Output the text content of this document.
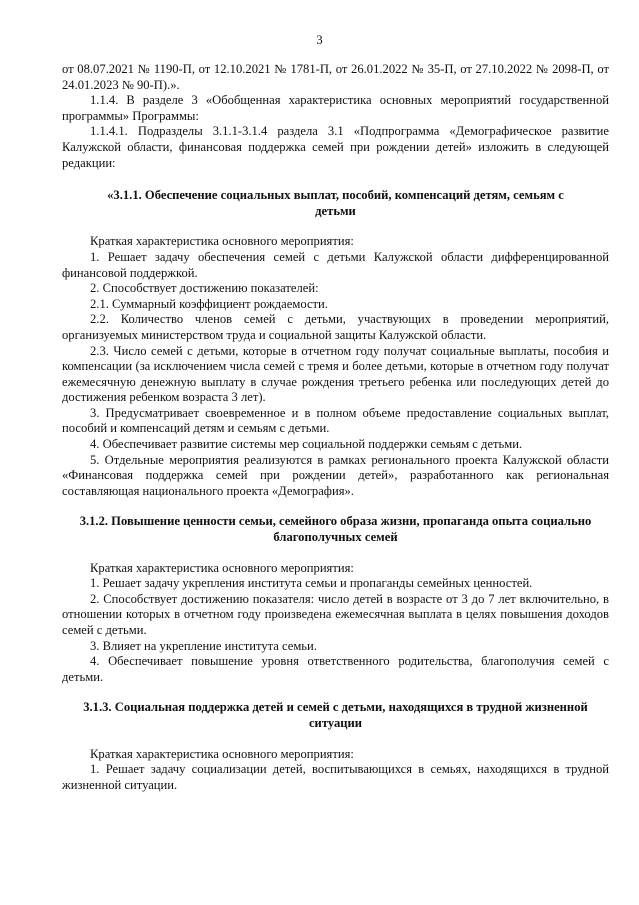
3

от 08.07.2021 № 1190-П, от 12.10.2021 № 1781-П, от 26.01.2022 № 35-П, от 27.10.2022 № 2098-П, от 24.01.2023 № 90-П).».

1.1.4. В разделе 3 «Обобщенная характеристика основных мероприятий государственной программы» Программы:

1.1.4.1. Подразделы 3.1.1-3.1.4 раздела 3.1 «Подпрограмма «Демографическое развитие Калужской области, финансовая поддержка семей при рождении детей» изложить в следующей редакции:

«3.1.1. Обеспечение социальных выплат, пособий, компенсаций детям, семьям с детьми

Краткая характеристика основного мероприятия:

1. Решает задачу обеспечения семей с детьми Калужской области дифференцированной финансовой поддержкой.

2. Способствует достижению показателей:

2.1. Суммарный коэффициент рождаемости.

2.2. Количество членов семей с детьми, участвующих в проведении мероприятий, организуемых министерством труда и социальной защиты Калужской области.

2.3. Число семей с детьми, которые в отчетном году получат социальные выплаты, пособия и компенсации (за исключением числа семей с тремя и более детьми, которые в отчетном году получат ежемесячную денежную выплату в случае рождения третьего ребенка или последующих детей до достижения ребенком возраста 3 лет).

3. Предусматривает своевременное и в полном объеме предоставление социальных выплат, пособий и компенсаций детям и семьям с детьми.

4. Обеспечивает развитие системы мер социальной поддержки семьям с детьми.

5. Отдельные мероприятия реализуются в рамках регионального проекта Калужской области «Финансовая поддержка семей при рождении детей», разработанного как региональная составляющая национального проекта «Демография».

3.1.2. Повышение ценности семьи, семейного образа жизни, пропаганда опыта социально благополучных семей

Краткая характеристика основного мероприятия:

1. Решает задачу укрепления института семьи и пропаганды семейных ценностей.

2. Способствует достижению показателя: число детей в возрасте от 3 до 7 лет включительно, в отношении которых в отчетном году произведена ежемесячная выплата в целях повышения доходов семей с детьми.

3. Влияет на укрепление института семьи.

4. Обеспечивает повышение уровня ответственного родительства, благополучия семей с детьми.

3.1.3. Социальная поддержка детей и семей с детьми, находящихся в трудной жизненной ситуации

Краткая характеристика основного мероприятия:

1. Решает задачу социализации детей, воспитывающихся в семьях, находящихся в трудной жизненной ситуации.
